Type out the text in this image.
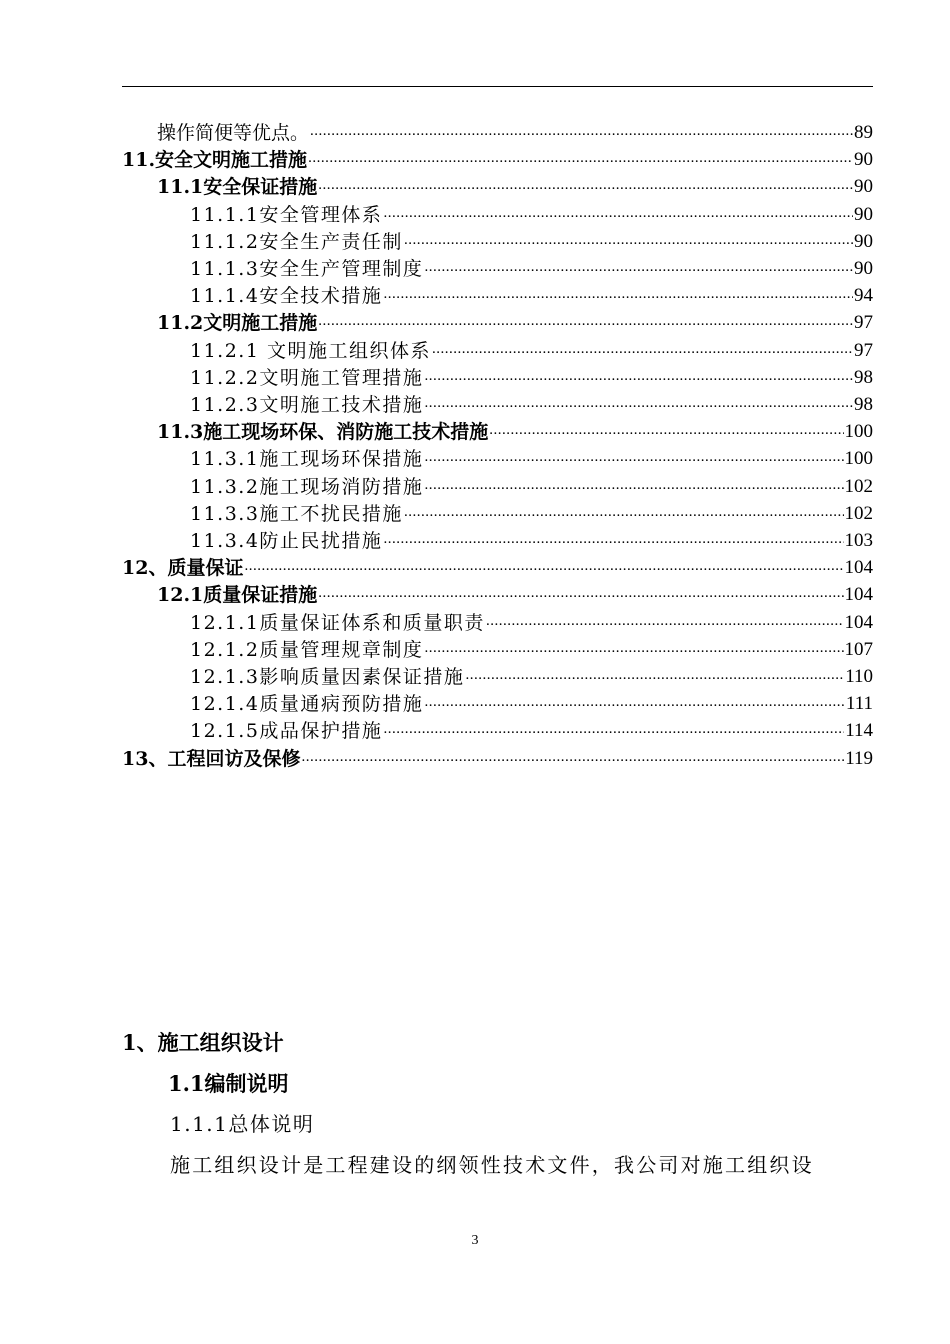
操作简便等优点。 .....	89
11.安全文明施工措施 .....	90
11.1安全保证措施 .....	90
11.1.1安全管理体系 .....	90
11.1.2安全生产责任制 .....	90
11.1.3安全生产管理制度 .....	90
11.1.4安全技术措施 .....	94
11.2文明施工措施 .....	97
11.2.1 文明施工组织体系 .....	97
11.2.2文明施工管理措施 .....	98
11.2.3文明施工技术措施 .....	98
11.3施工现场环保、消防施工技术措施 .....	100
11.3.1施工现场环保措施 .....	100
11.3.2施工现场消防措施 .....	102
11.3.3施工不扰民措施 .....	102
11.3.4防止民扰措施 .....	103
12、质量保证 .....	104
12.1质量保证措施 .....	104
12.1.1质量保证体系和质量职责 .....	104
12.1.2质量管理规章制度 .....	107
12.1.3影响质量因素保证措施 .....	110
12.1.4质量通病预防措施 .....	111
12.1.5成品保护措施 .....	114
13、工程回访及保修 .....	119
1、施工组织设计
1.1编制说明
1.1.1总体说明
施工组织设计是工程建设的纲领性技术文件，我公司对施工组织设
3
